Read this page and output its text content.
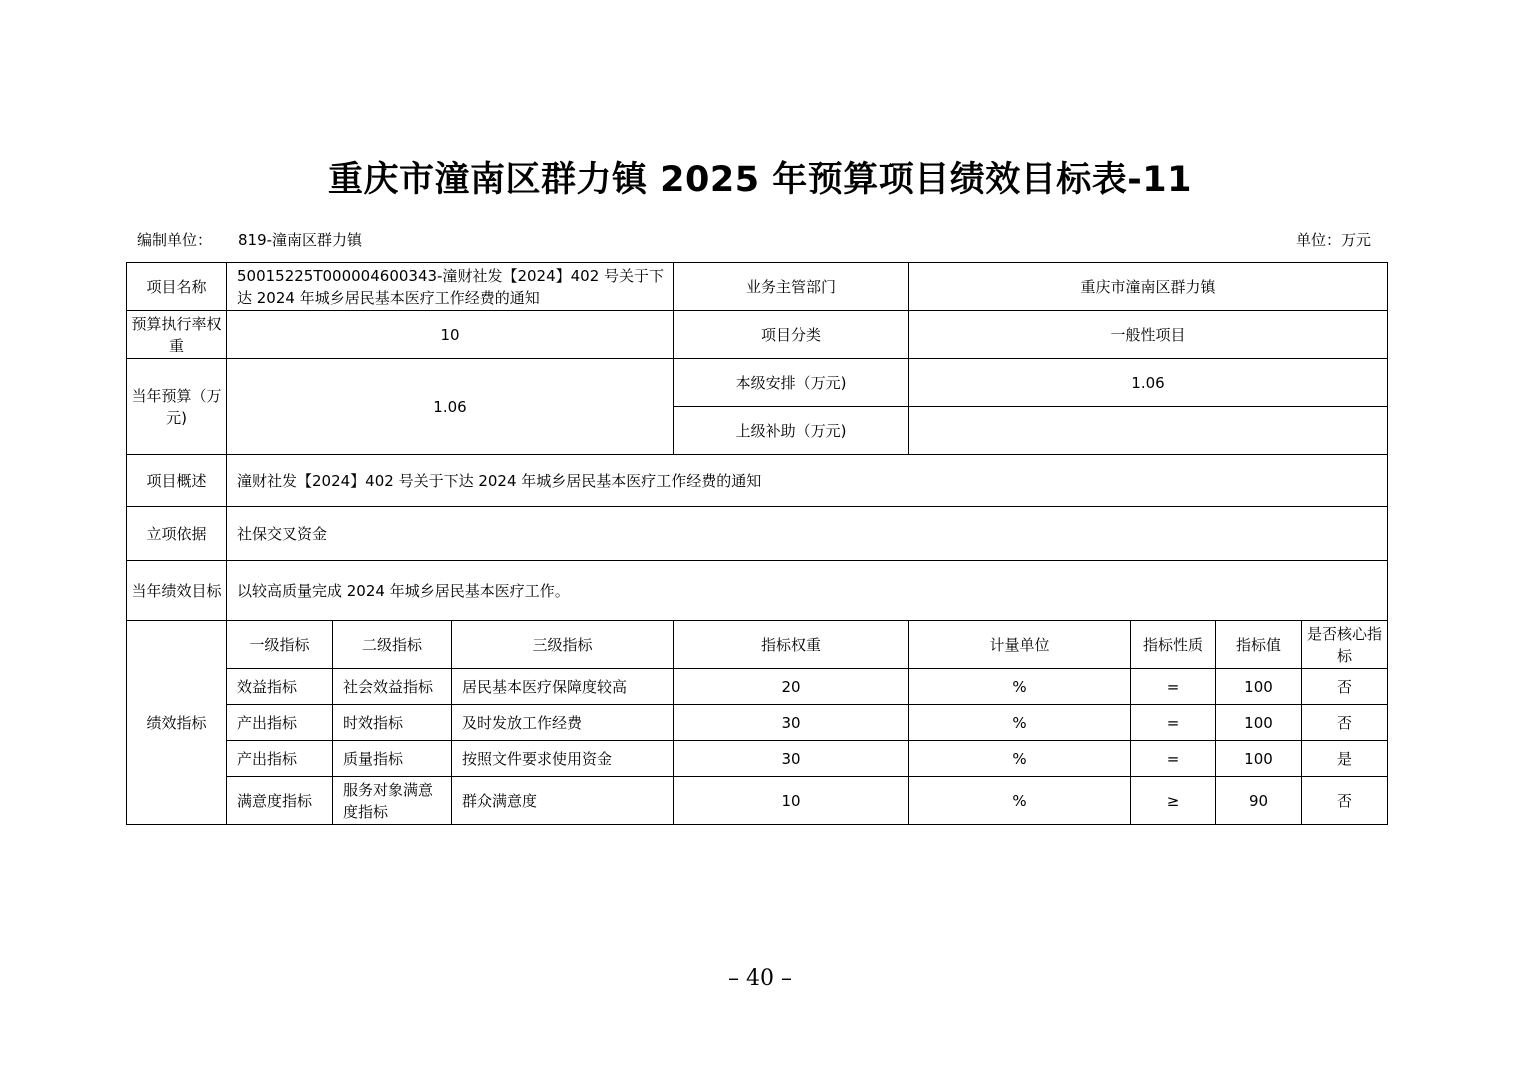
重庆市潼南区群力镇 2025 年预算项目绩效目标表-11
编制单位： 819-潼南区群力镇	单位：万元
项目名称	50015225T000004600343-潼财社发【2024】402 号关于下达 2024 年城乡居民基本医疗工作经费的通知			业务主管部门	重庆市潼南区群力镇			
预算执行率权重	10			项目分类	一般性项目			
当年预算（万元)	1.06			本级安排（万元)	1.06			
				上级补助（万元)				
项目概述	潼财社发【2024】402 号关于下达 2024 年城乡居民基本医疗工作经费的通知							
立项依据	社保交叉资金							
当年绩效目标	以较高质量完成 2024 年城乡居民基本医疗工作。							
绩效指标	一级指标	二级指标	三级指标	指标权重	计量单位	指标性质	指标值	是否核心指标
	效益指标	社会效益指标	居民基本医疗保障度较高	20	%	=	100	否
	产出指标	时效指标	及时发放工作经费	30	%	=	100	否
	产出指标	质量指标	按照文件要求使用资金	30	%	=	100	是
	满意度指标	服务对象满意度指标	群众满意度	10	%	≥	90	否
– 40 –
